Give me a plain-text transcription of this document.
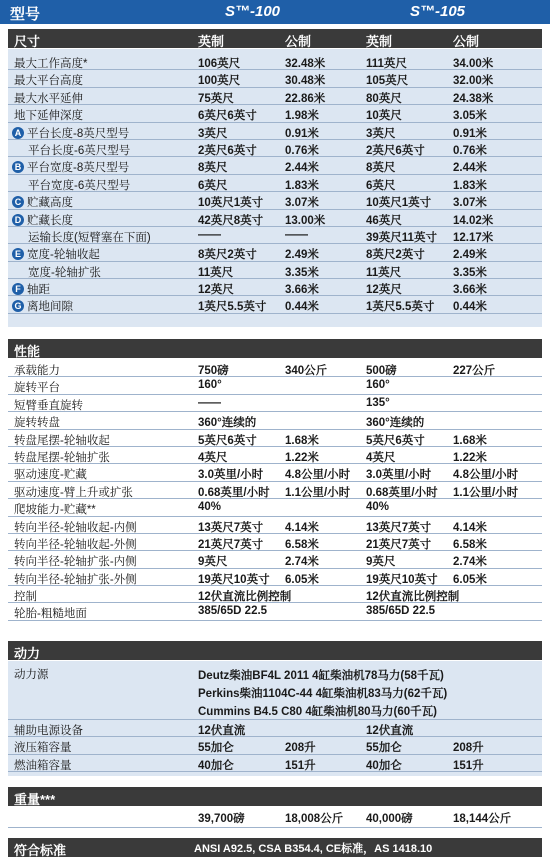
型号	S™-100	S™-105
尺寸	英制	公制	英制	公制
最大工作高度*	106英尺	32.48米	111英尺	34.00米
最大平台高度	100英尺	30.48米	105英尺	32.00米
最大水平延伸	75英尺	22.86米	80英尺	24.38米
地下延伸深度	6英尺6英寸 1.98米	10英尺	3.05米
A 平台长度-8英尺型号	3英尺	0.91米	3英尺	0.91米
平台长度-6英尺型号	2英尺6英寸 0.76米	2英尺6英寸 0.76米
B 平台宽度-8英尺型号	8英尺	2.44米	8英尺	2.44米
平台宽度-6英尺型号	6英尺	1.83米	6英尺	1.83米
C 贮藏高度	10英尺1英寸 3.07米	10英尺1英寸 3.07米
D 贮藏长度	42英尺8英寸 13.00米	46英尺	14.02米
运输长度(短臂塞在下面)	——	——	39英尺11英寸 12.17米
E 宽度-轮轴收起	8英尺2英寸 2.49米	8英尺2英寸 2.49米
宽度-轮轴扩张	11英尺	3.35米	11英尺	3.35米
F 轴距	12英尺	3.66米	12英尺	3.66米
G 离地间隙	1英尺5.5英寸 0.44米	1英尺5.5英寸 0.44米
性能
承载能力	750磅	340公斤	500磅	227公斤
旋转平台	160°	160°
短臂垂直旋转	——	135°
旋转转盘	360°连续的	360°连续的
转盘尾摆-轮轴收起	5英尺6英寸 1.68米	5英尺6英寸 1.68米
转盘尾摆-轮轴扩张	4英尺	1.22米	4英尺	1.22米
驱动速度-贮藏	3.0英里/小时 4.8公里/小时 3.0英里/小时 4.8公里/小时
驱动速度-臂上升或扩张	0.68英里/小时 1.1公里/小时 0.68英里/小时 1.1公里/小时
爬坡能力-贮藏**	40%	40%
转向半径-轮轴收起-内侧	13英尺7英寸 4.14米	13英尺7英寸 4.14米
转向半径-轮轴收起-外侧	21英尺7英寸 6.58米	21英尺7英寸 6.58米
转向半径-轮轴扩张-内侧	9英尺	2.74米	9英尺	2.74米
转向半径-轮轴扩张-外侧	19英尺10英寸 6.05米	19英尺10英寸 6.05米
控制	12伏直流比例控制	12伏直流比例控制
轮胎-粗糙地面	385/65D 22.5	385/65D 22.5
动力
动力源	Deutz柴油BF4L 2011 4缸柴油机78马力(58千瓦)
Perkins柴油1104C-44 4缸柴油机83马力(62千瓦)
Cummins B4.5 C80 4缸柴油机80马力(60千瓦)
辅助电源设备	12伏直流	12伏直流
液压箱容量	55加仑	208升	55加仑	208升
燃油箱容量	40加仑	151升	40加仑	151升
重量***
39,700磅	18,008公斤 40,000磅	18,144公斤
符合标准	ANSI A92.5, CSA B354.4, CE标准，AS 1418.10
